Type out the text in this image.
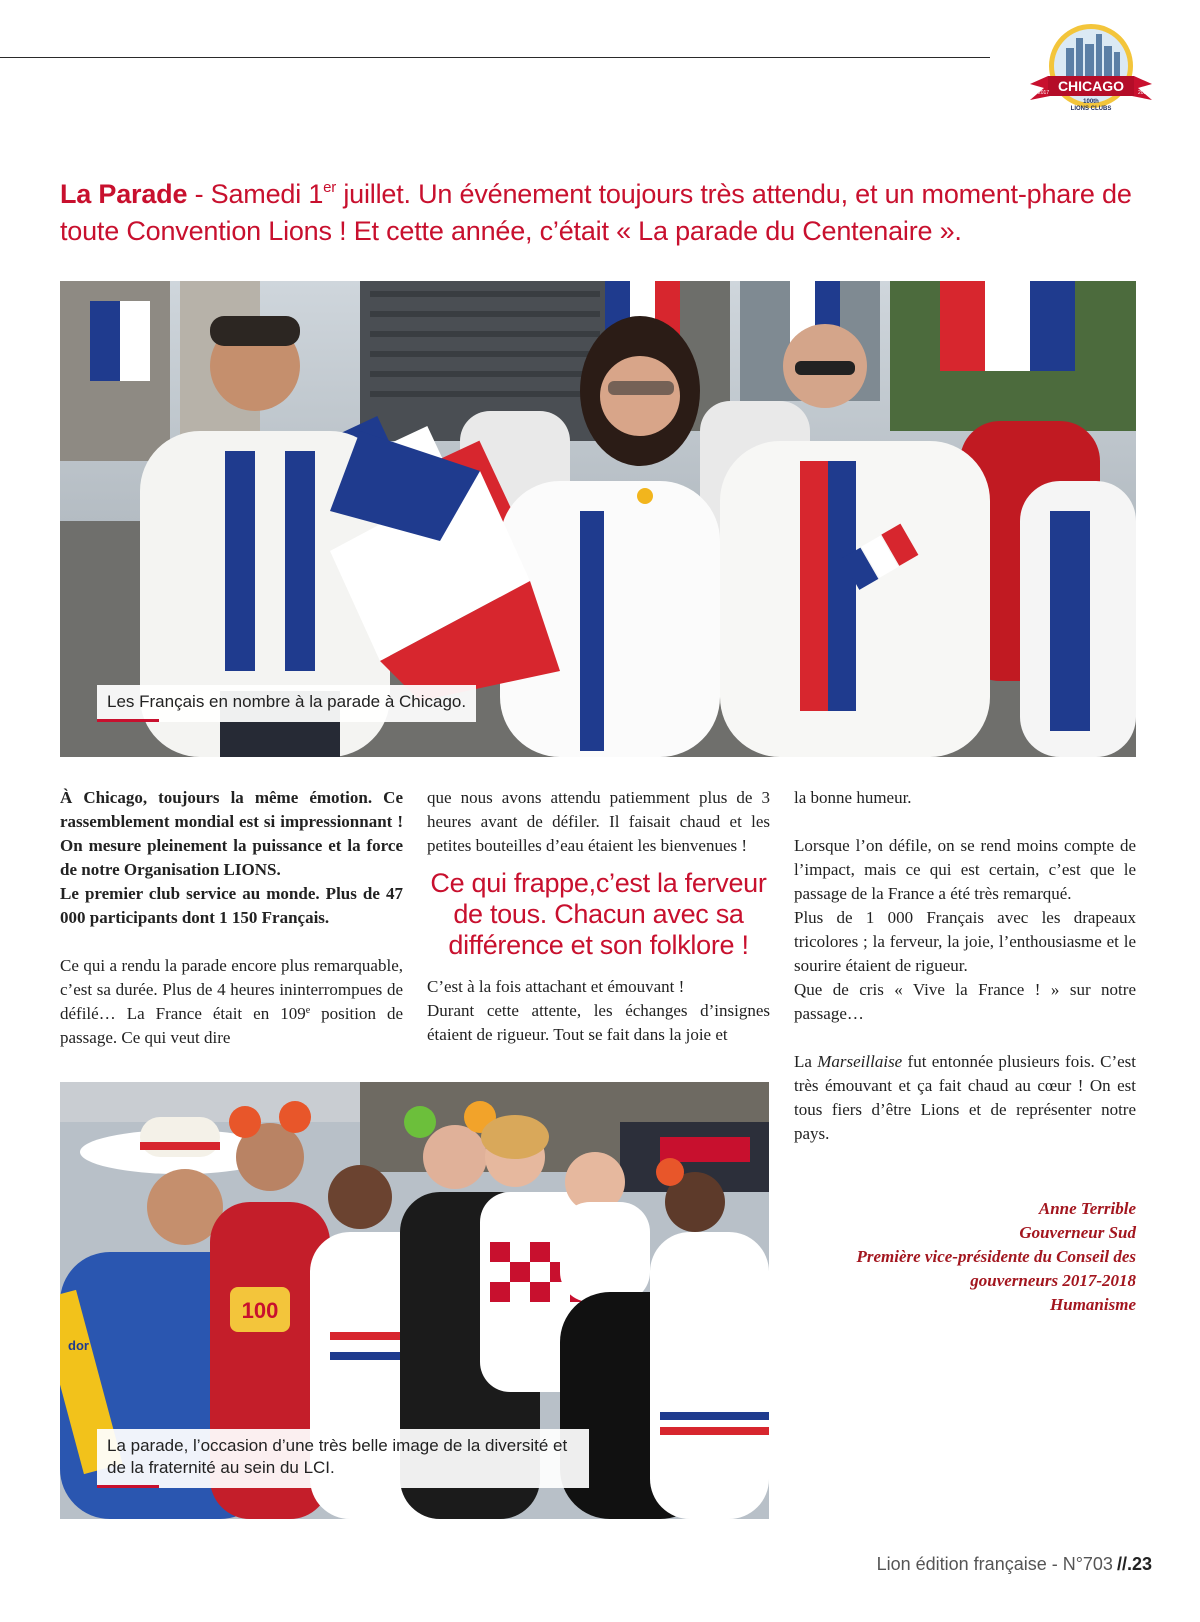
CHICAGO
2017	2017
100th
LIONS CLUBS
La Parade - Samedi 1er juillet. Un événement toujours très attendu, et un moment-phare de toute Convention Lions ! Et cette année, c’était « La parade du Centenaire ».
Les Français en nombre à la parade à Chicago.

À Chicago, toujours la même émotion. Ce rassemblement mondial est si impressionnant ! On mesure pleinement la puissance et la force de notre Organisation LIONS.

Le premier club service au monde. Plus de 47 000 participants dont 1 150 Français.

Ce qui a rendu la parade encore plus remarquable, c’est sa durée. Plus de 4 heures ininterrompues de défilé… La France était en 109e position de passage. Ce qui veut dire

que nous avons attendu patiemment plus de 3 heures avant de défiler. Il faisait chaud et les petites bouteilles d’eau étaient les bienvenues !

Ce qui frappe,c’est la ferveur de tous. Chacun avec sa différence et son folklore !

C’est à la fois attachant et émouvant !

Durant cette attente, les échanges d’insignes étaient de rigueur. Tout se fait dans la joie et

la bonne humeur.

Lorsque l’on défile, on se rend moins compte de l’impact, mais ce qui est certain, c’est que le passage de la France a été très remarqué.

Plus de 1 000 Français avec les drapeaux tricolores ; la ferveur, la joie, l’enthousiasme et le sourire étaient de rigueur.

Que de cris « Vive la France ! » sur notre passage…

La Marseillaise fut entonnée plusieurs fois. C’est très émouvant et ça fait chaud au cœur ! On est tous fiers d’être Lions et de représenter notre pays.

Anne Terrible
Gouverneur Sud
Première vice-présidente du Conseil des gouverneurs 2017-2018
Humanisme
dor
100
La parade, l’occasion d’une très belle image de la diversité et de la fraternité au sein du LCI.
Lion édition française - N°703 //.23
